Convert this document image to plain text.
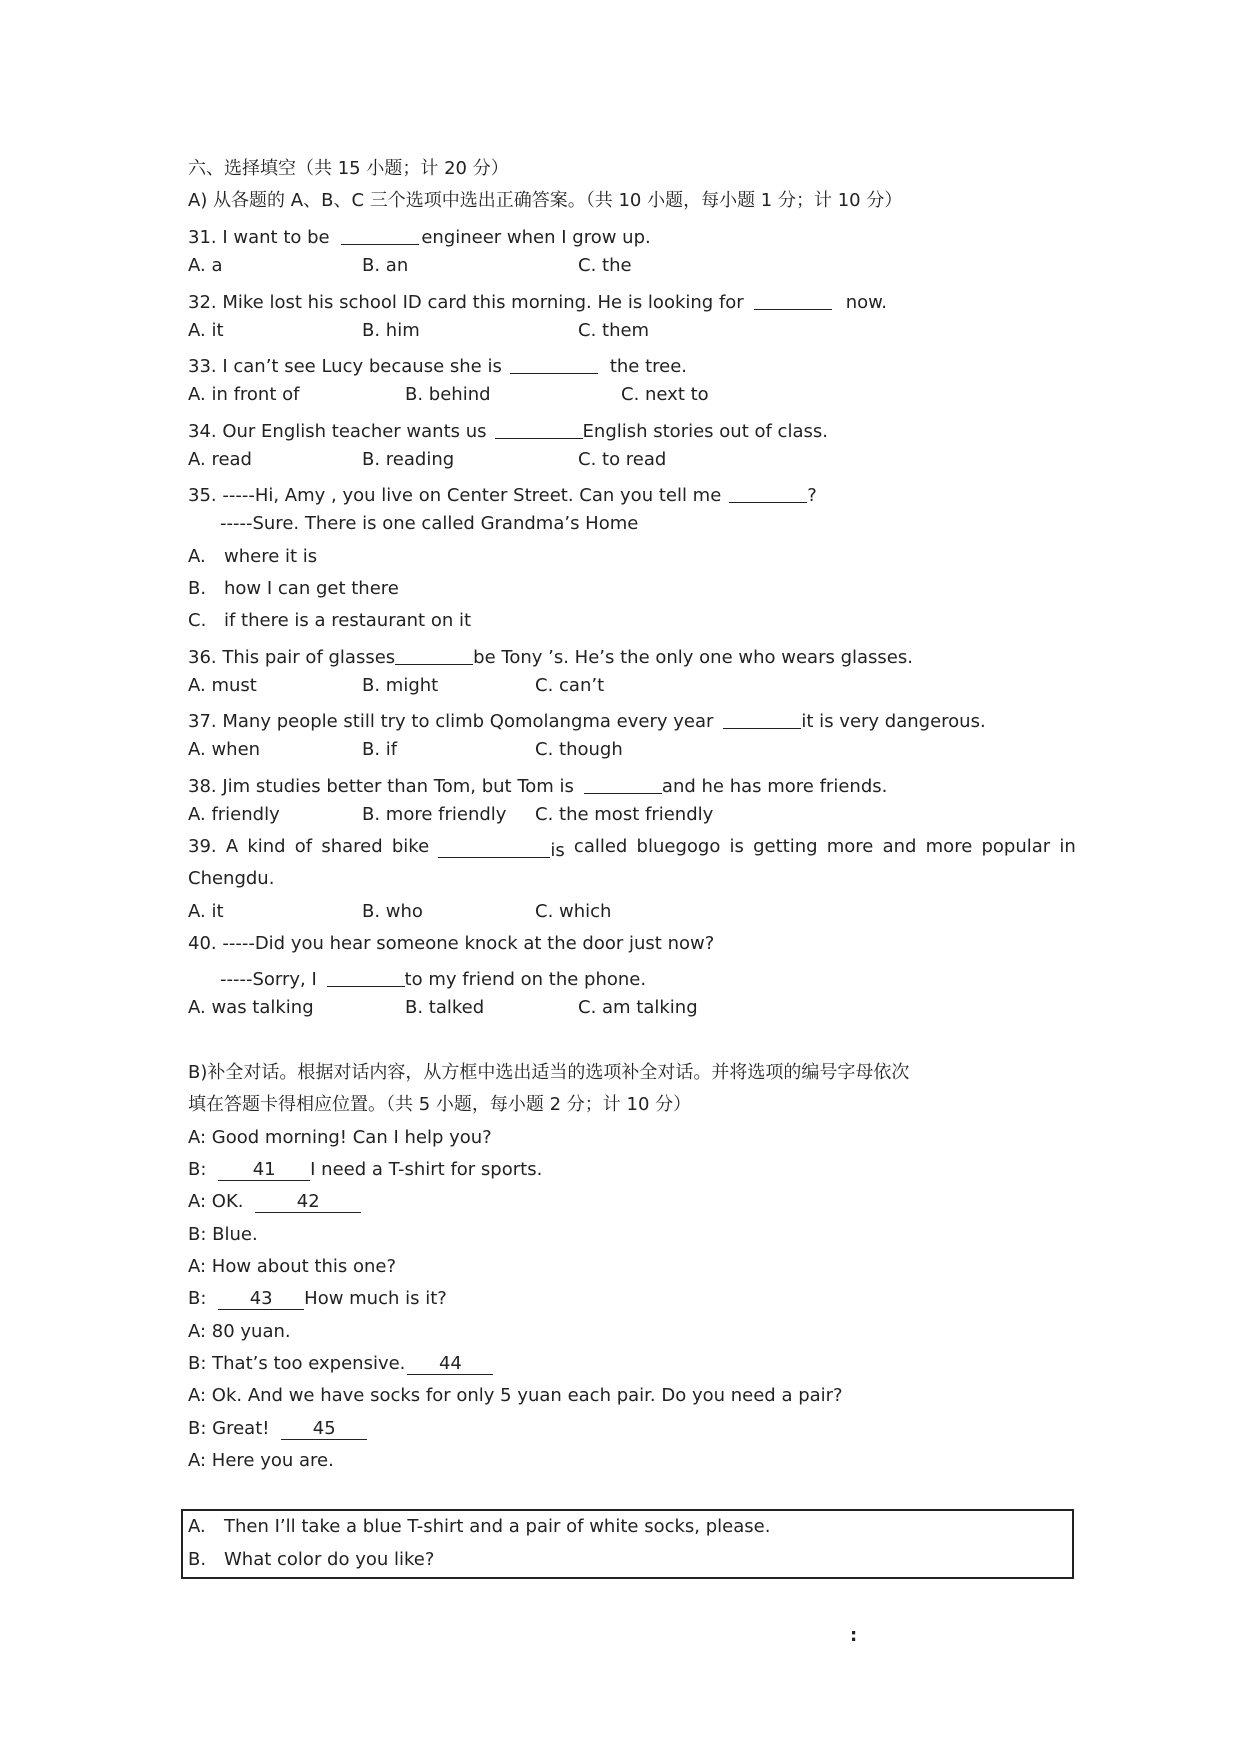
六、选择填空（共 15 小题；计 20 分）
A) 从各题的 A、B、C 三个选项中选出正确答案。（共 10 小题，每小题 1 分；计 10 分）
31. I want to be	engineer when I grow up.
A. a	B. an	C. the
32. Mike lost his school ID card this morning. He is looking for	now.
A. it	B. him	C. them
33. I can’t see Lucy because she is	the tree.
A. in front of	B. behind	C. next to
34. Our English teacher wants us	English stories out of class.
A. read	B. reading	C. to read
35. -----Hi, Amy , you live on Center Street. Can you tell me	?
-----Sure. There is one called Grandma’s Home
A. where it is
B. how I can get there
C. if there is a restaurant on it
36. This pair of glasses	be Tony ’s. He’s the only one who wears glasses.
A. must	B. might	C. can’t
37. Many people still try to climb Qomolangma every year	it is very dangerous.
A. when	B. if	C. though
38. Jim studies better than Tom, but Tom is	and he has more friends.
A. friendly	B. more friendly C. the most friendly
39. A kind of shared bike	is called bluegogo is getting more and more popular in
Chengdu.
A. it	B. who	C. which
40. -----Did you hear someone knock at the door just now?
-----Sorry, I	to my friend on the phone.
A. was talking	B. talked	C. am talking
B)补全对话。根据对话内容，从方框中选出适当的选项补全对话。并将选项的编号字母依次
填在答题卡得相应位置。（共 5 小题，每小题 2 分；计 10 分）
A: Good morning! Can I help you?
B:	41 I need a T-shirt for sports.
A: OK.	42
B: Blue.
A: How about this one?
B: 43 How much is it?
A: 80 yuan.
B: That’s too expensive. 44
A: Ok. And we have socks for only 5 yuan each pair. Do you need a pair?
B: Great! 45
A: Here you are.
A. Then I’ll take a blue T-shirt and a pair of white socks, please.
B. What color do you like?
:
